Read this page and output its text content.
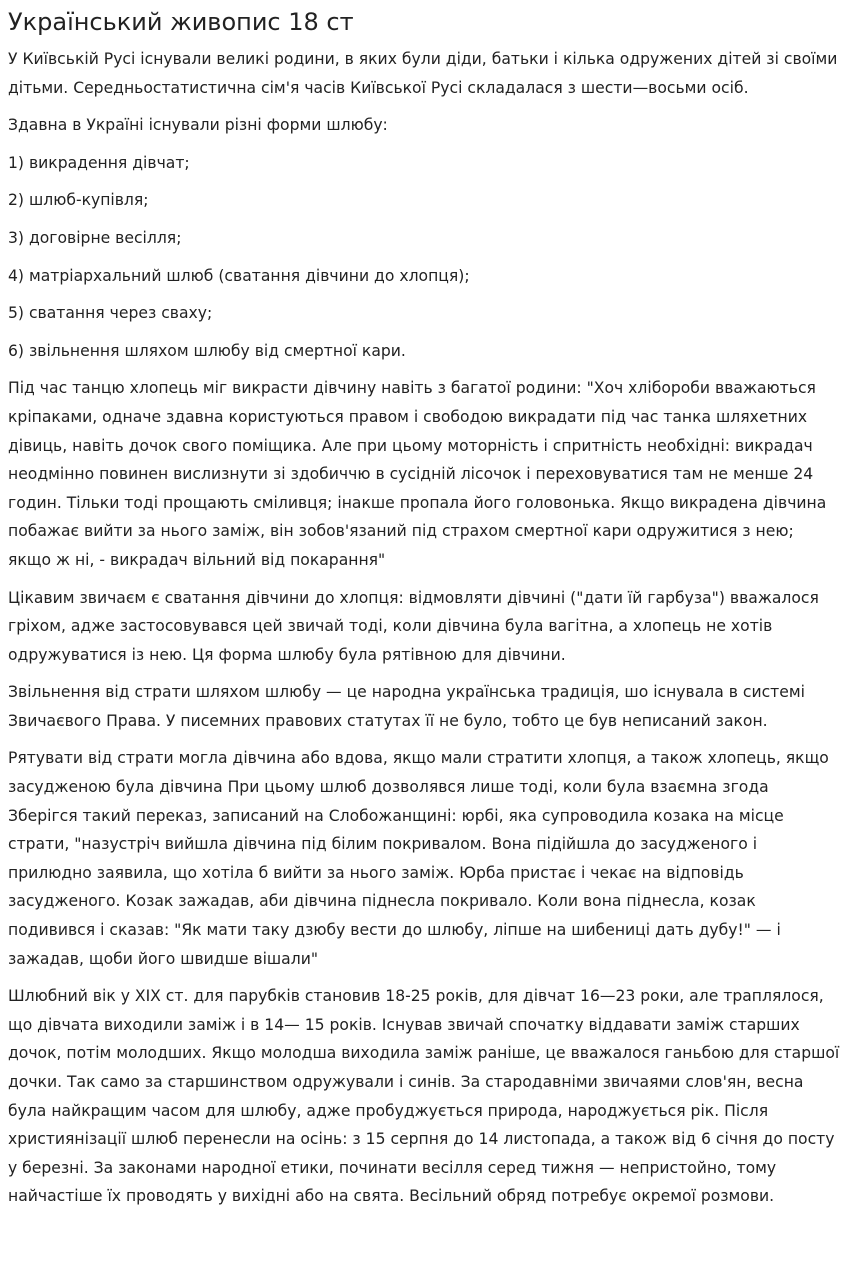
Український живопис 18 ст

У Київській Русі існували великі родини, в яких були діди, батьки і кілька одружених дітей зі своїми дітьми. Середньостатистична сім'я часів Київської Русі складалася з шести—восьми осіб.

Здавна в Україні існували різні форми шлюбу:

1) викрадення дівчат;

2) шлюб-купівля;

3) договірне весілля;

4) матріархальний шлюб (сватання дівчини до хлопця);

5) сватання через сваху;

6) звільнення шляхом шлюбу від смертної кари.

Під час танцю хлопець міг викрасти дівчину навіть з багатої родини: "Хоч хлібороби вважаються кріпаками, одначе здавна користуються правом і свободою викрадати під час танка шляхетних дівиць, навіть дочок свого поміщика. Але при цьому моторність і спритність необхідні: викрадач неодмінно повинен вислизнути зі здобиччю в сусідній лісочок і переховуватися там не менше 24 годин. Тільки тоді прощають сміливця; інакше пропала його головонька. Якщо викрадена дівчина побажає вийти за нього заміж, він зобов'язаний під страхом смертної кари одружитися з нею; якщо ж ні, - викрадач вільний від покарання"

Цікавим звичаєм є сватання дівчини до хлопця: відмовляти дівчині ("дати їй гарбуза") вважалося гріхом, адже застосовувався цей звичай тоді, коли дівчина була вагітна, а хлопець не хотів одружуватися із нею. Ця форма шлюбу була рятівною для дівчини.

Звільнення від страти шляхом шлюбу — це народна українська традиція, шо існувала в системі Звичаєвого Права. У писемних правових статутах її не було, тобто це був неписаний закон.

Рятувати від страти могла дівчина або вдова, якщо мали стратити хлопця, а також хлопець, якщо засудженою була дівчина При цьому шлюб дозволявся лише тоді, коли була взаємна згода Зберігся такий переказ, записаний на Слобожанщині: юрбі, яка супроводила козака на місце страти, "назустріч вийшла дівчина під білим покривалом. Вона підійшла до засудженого і прилюдно заявила, що хотіла б вийти за нього заміж. Юрба пристає і чекає на відповідь засудженого. Козак зажадав, аби дівчина піднесла покривало. Коли вона піднесла, козак подивився і сказав: "Як мати таку дзюбу вести до шлюбу, ліпше на шибениці дать дубу!" — і зажадав, щоби його швидше вішали"

Шлюбний вік у XIX ст. для парубків становив 18-25 років, для дівчат 16—23 роки, але траплялося, що дівчата виходили заміж і в 14— 15 років. Існував звичай спочатку віддавати заміж старших дочок, потім молодших. Якщо молодша виходила заміж раніше, це вважалося ганьбою для старшої дочки. Так само за старшинством одружували і синів. За стародавніми звичаями слов'ян, весна була найкращим часом для шлюбу, адже пробуджується природа, народжується рік. Після християнізації шлюб перенесли на осінь: з 15 серпня до 14 листопада, а також від 6 січня до посту у березні. За законами народної етики, починати весілля серед тижня — непристойно, тому найчастіше їх проводять у вихідні або на свята. Весільний обряд потребує окремої розмови.
